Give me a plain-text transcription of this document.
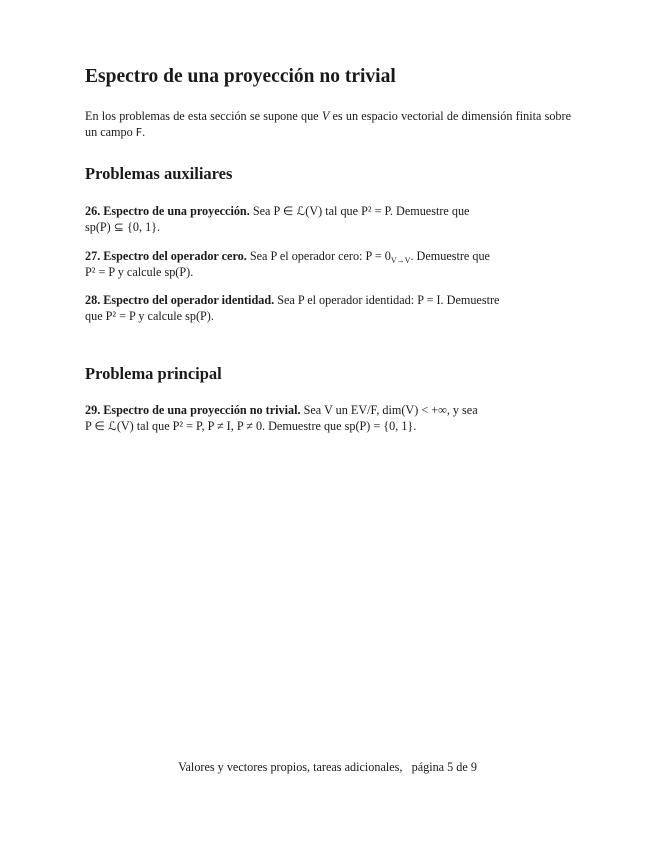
Espectro de una proyección no trivial
En los problemas de esta sección se supone que V es un espacio vectorial de dimensión finita sobre un campo F.
Problemas auxiliares
26. Espectro de una proyección. Sea P ∈ ℒ(V) tal que P² = P. Demuestre que
sp(P) ⊆ {0, 1}.
27. Espectro del operador cero. Sea P el operador cero: $P = 0_{V\to V}$. Demuestre que
P² = P y calcule sp(P).
28. Espectro del operador identidad. Sea P el operador identidad: P = I. Demuestre
que P² = P y calcule sp(P).
Problema principal
29. Espectro de una proyección no trivial. Sea V un EV/F, dim(V) < +∞, y sea
P ∈ ℒ(V) tal que P² = P, P ≠ I, P ≠ 0. Demuestre que sp(P) = {0, 1}.
Valores y vectores propios, tareas adicionales, página 5 de 9
